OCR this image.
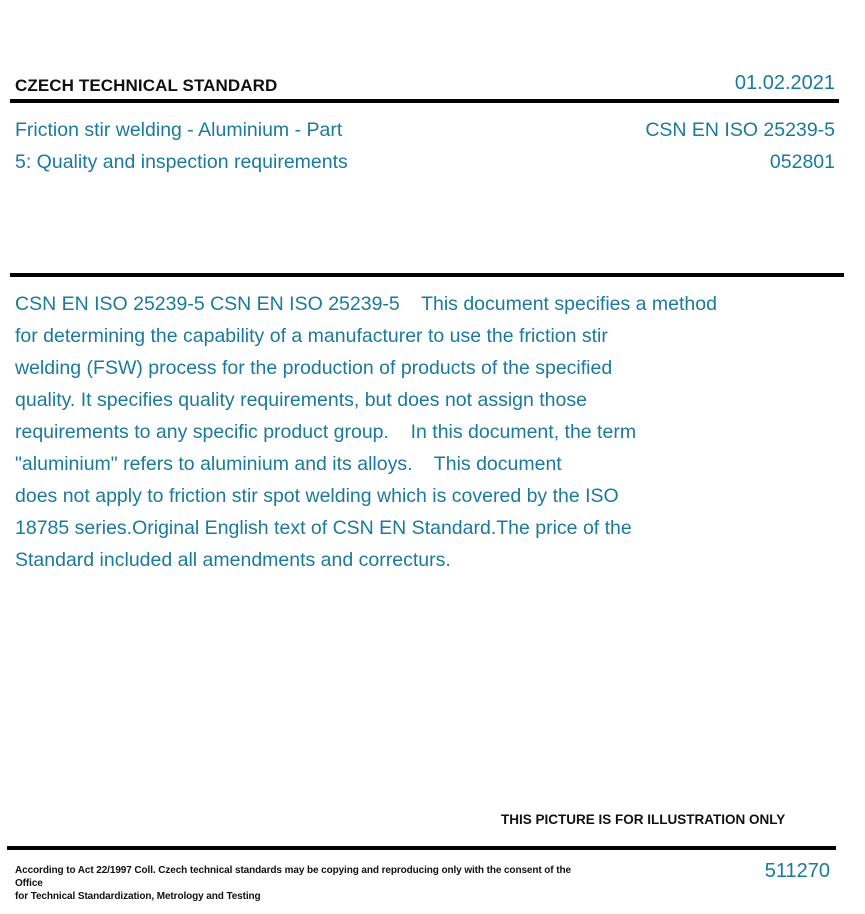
CZECH TECHNICAL STANDARD	01.02.2021
Friction stir welding - Aluminium - Part
5: Quality and inspection requirements
CSN EN ISO 25239-5
052801
CSN EN ISO 25239-5 CSN EN ISO 25239-5    This document specifies a method
for determining the capability of a manufacturer to use the friction stir
welding (FSW) process for the production of products of the specified
quality. It specifies quality requirements, but does not assign those
requirements to any specific product group.    In this document, the term
"aluminium" refers to aluminium and its alloys.    This document
does not apply to friction stir spot welding which is covered by the ISO
18785 series.Original English text of CSN EN Standard.The price of the
Standard included all amendments and correcturs.
THIS PICTURE IS FOR ILLUSTRATION ONLY
According to Act 22/1997 Coll. Czech technical standards may be copying and reproducing only with the consent of the Office
for Technical Standardization, Metrology and Testing
511270
